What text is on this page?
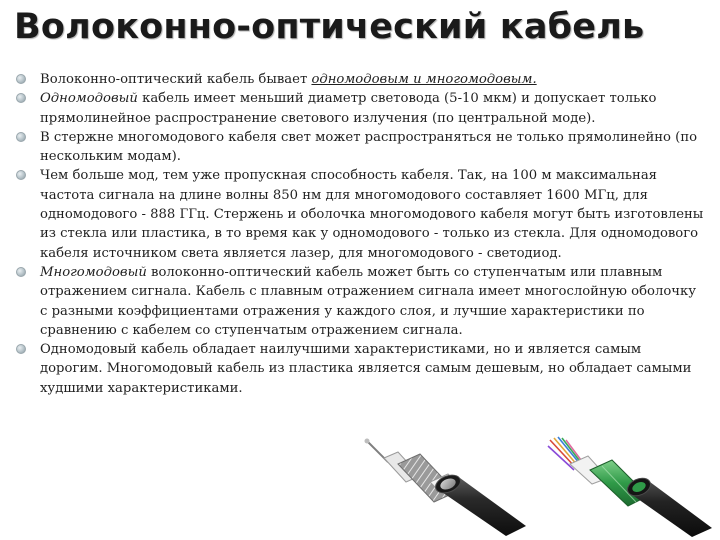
Волоконно-оптический кабель
Волоконно-оптический кабель бывает одномодовым и многомодовым.
Одномодовый кабель имеет меньший диаметр световода (5-10 мкм) и допускает только прямолинейное распространение светового излучения (по центральной моде).
В стержне многомодового кабеля свет может распространяться не только прямолинейно (по нескольким модам).
Чем больше мод, тем уже пропускная способность кабеля. Так, на 100 м максимальная частота сигнала на длине волны 850 нм для многомодового составляет 1600 МГц, для одномодового - 888 ГГц. Стержень и оболочка многомодового кабеля могут быть изготовлены из стекла или пластика, в то время как у одномодового - только из стекла. Для одномодового кабеля источником света является лазер, для многомодового - светодиод.
Многомодовый волоконно-оптический кабель может быть со ступенчатым или плавным отражением сигнала. Кабель с плавным отражением сигнала имеет многослойную оболочку с разными коэффициентами отражения у каждого слоя, и лучшие характеристики по сравнению с кабелем со ступенчатым отражением сигнала.
Одномодовый кабель обладает наилучшими характеристиками, но и является самым дорогим. Многомодовый кабель из пластика является самым дешевым, но обладает самыми худшими характеристиками.
